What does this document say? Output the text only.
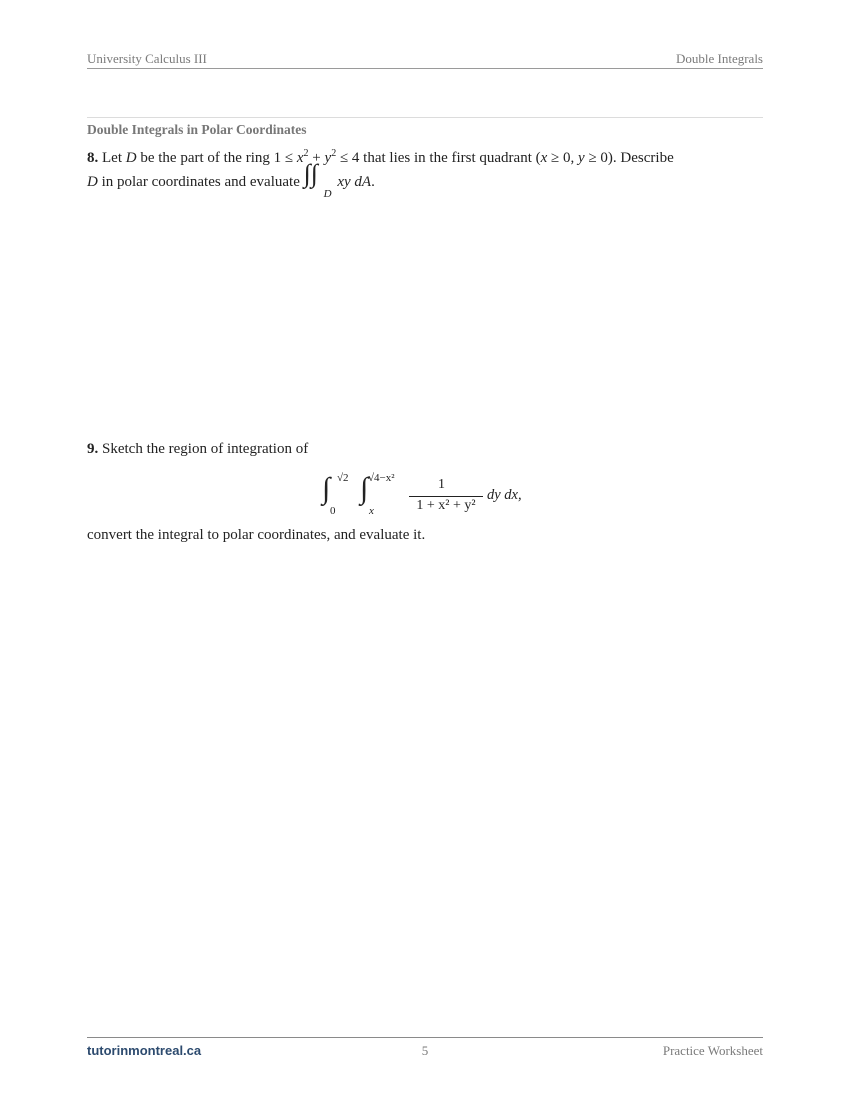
University Calculus III	Double Integrals
Double Integrals in Polar Coordinates
8. Let D be the part of the ring $1 \le x^2 + y^2 \le 4$ that lies in the first quadrant (x ≥ 0, y ≥ 0). Describe
D in polar coordinates and evaluate ∫∫
D
xy dA.
9. Sketch the region of integration of
∫ √2
0
∫ √4−x²
x
1
1 + x² + y²
dy dx,
convert the integral to polar coordinates, and evaluate it.
tutorinmontreal.ca	5	Practice Worksheet
